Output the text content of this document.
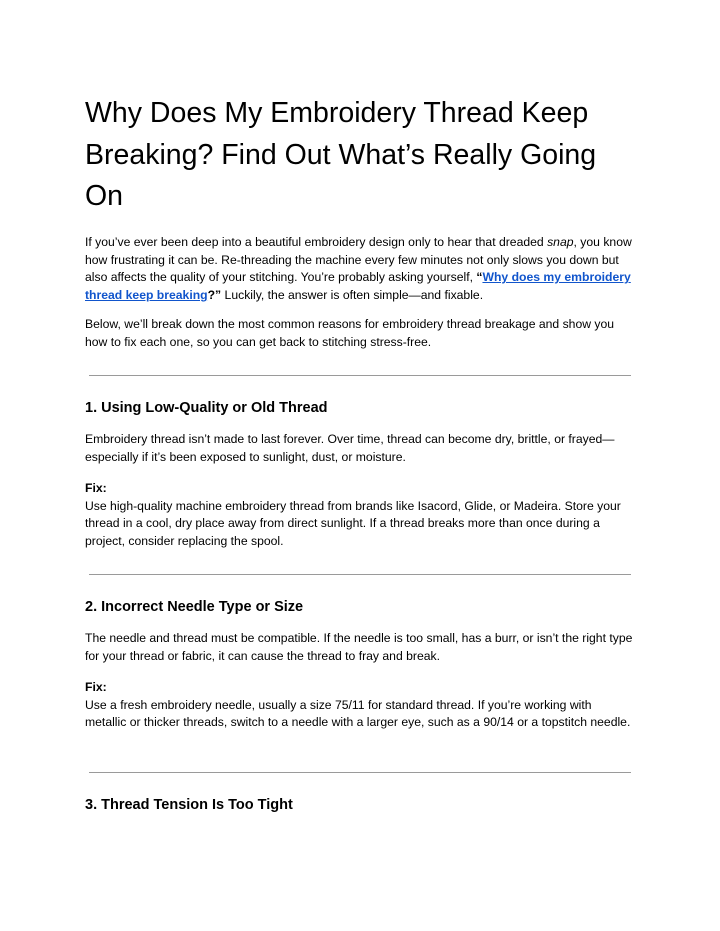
Why Does My Embroidery Thread Keep Breaking? Find Out What’s Really Going On

If you’ve ever been deep into a beautiful embroidery design only to hear that dreaded snap, you know how frustrating it can be. Re-threading the machine every few minutes not only slows you down but also affects the quality of your stitching. You’re probably asking yourself, “Why does my embroidery thread keep breaking?” Luckily, the answer is often simple—and fixable.

Below, we’ll break down the most common reasons for embroidery thread breakage and show you how to fix each one, so you can get back to stitching stress-free.

1. Using Low-Quality or Old Thread

Embroidery thread isn’t made to last forever. Over time, thread can become dry, brittle, or frayed—especially if it’s been exposed to sunlight, dust, or moisture.

Fix:
Use high-quality machine embroidery thread from brands like Isacord, Glide, or Madeira. Store your thread in a cool, dry place away from direct sunlight. If a thread breaks more than once during a project, consider replacing the spool.

2. Incorrect Needle Type or Size

The needle and thread must be compatible. If the needle is too small, has a burr, or isn’t the right type for your thread or fabric, it can cause the thread to fray and break.

Fix:
Use a fresh embroidery needle, usually a size 75/11 for standard thread. If you’re working with metallic or thicker threads, switch to a needle with a larger eye, such as a 90/14 or a topstitch needle.

3. Thread Tension Is Too Tight
